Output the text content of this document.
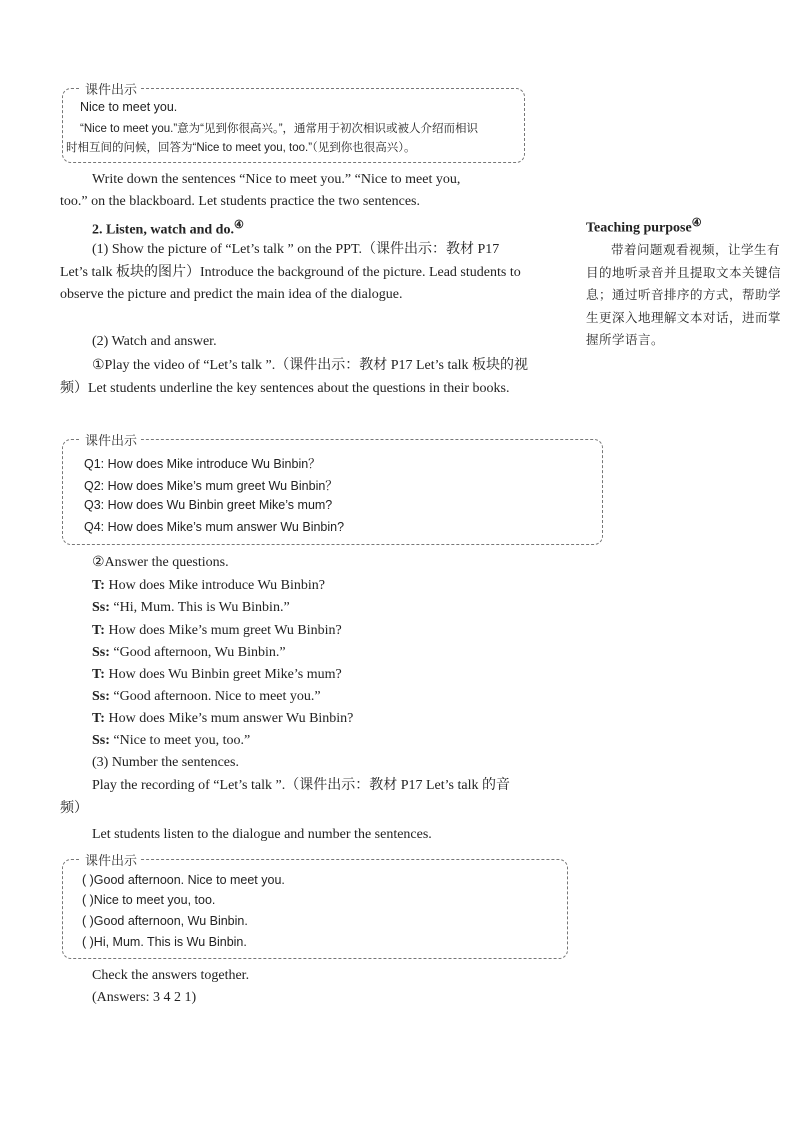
课件出示
Nice to meet you.
“Nice to meet you.”意为“见到你很高兴。”，通常用于初次相识或被人介绍而相识
时相互间的问候，回答为“Nice to meet you, too.”（见到你也很高兴）。
Write down the sentences “Nice to meet you.” “Nice to meet you,
too.” on the blackboard. Let students practice the two sentences.
2. Listen, watch and do.④
(1) Show the picture of “Let’s talk ” on the PPT.（课件出示：教材 P17 Let’s talk 板块的图片）Introduce the background of the picture. Lead students to observe the picture and predict the main idea of the dialogue.
(2) Watch and answer.
①Play the video of “Let’s talk ”.（课件出示：教材 P17 Let’s talk 板块的视频）Let students underline the key sentences about the questions in their books.
Teaching purpose④
带着问题观看视频，让学生有目的地听录音并且提取文本关键信息；通过听音排序的方式，帮助学生更深入地理解文本对话，进而掌握所学语言。
课件出示
Q1: How does Mike introduce Wu Binbin？
Q2: How does Mike’s mum greet Wu Binbin？
Q3: How does Wu Binbin greet Mike’s mum?
Q4: How does Mike’s mum answer Wu Binbin?
②Answer the questions.
T: How does Mike introduce Wu Binbin?
Ss: “Hi, Mum. This is Wu Binbin.”
T: How does Mike’s mum greet Wu Binbin?
Ss: “Good afternoon, Wu Binbin.”
T: How does Wu Binbin greet Mike’s mum?
Ss: “Good afternoon. Nice to meet you.”
T: How does Mike’s mum answer Wu Binbin?
Ss: “Nice to meet you, too.”
(3) Number the sentences.
Play the recording of “Let’s talk ”.（课件出示：教材 P17 Let’s talk 的音频）
Let students listen to the dialogue and number the sentences.
课件出示
( )Good afternoon. Nice to meet you.
( )Nice to meet you, too.
( )Good afternoon, Wu Binbin.
( )Hi, Mum. This is Wu Binbin.
Check the answers together.
(Answers: 3 4 2 1)
